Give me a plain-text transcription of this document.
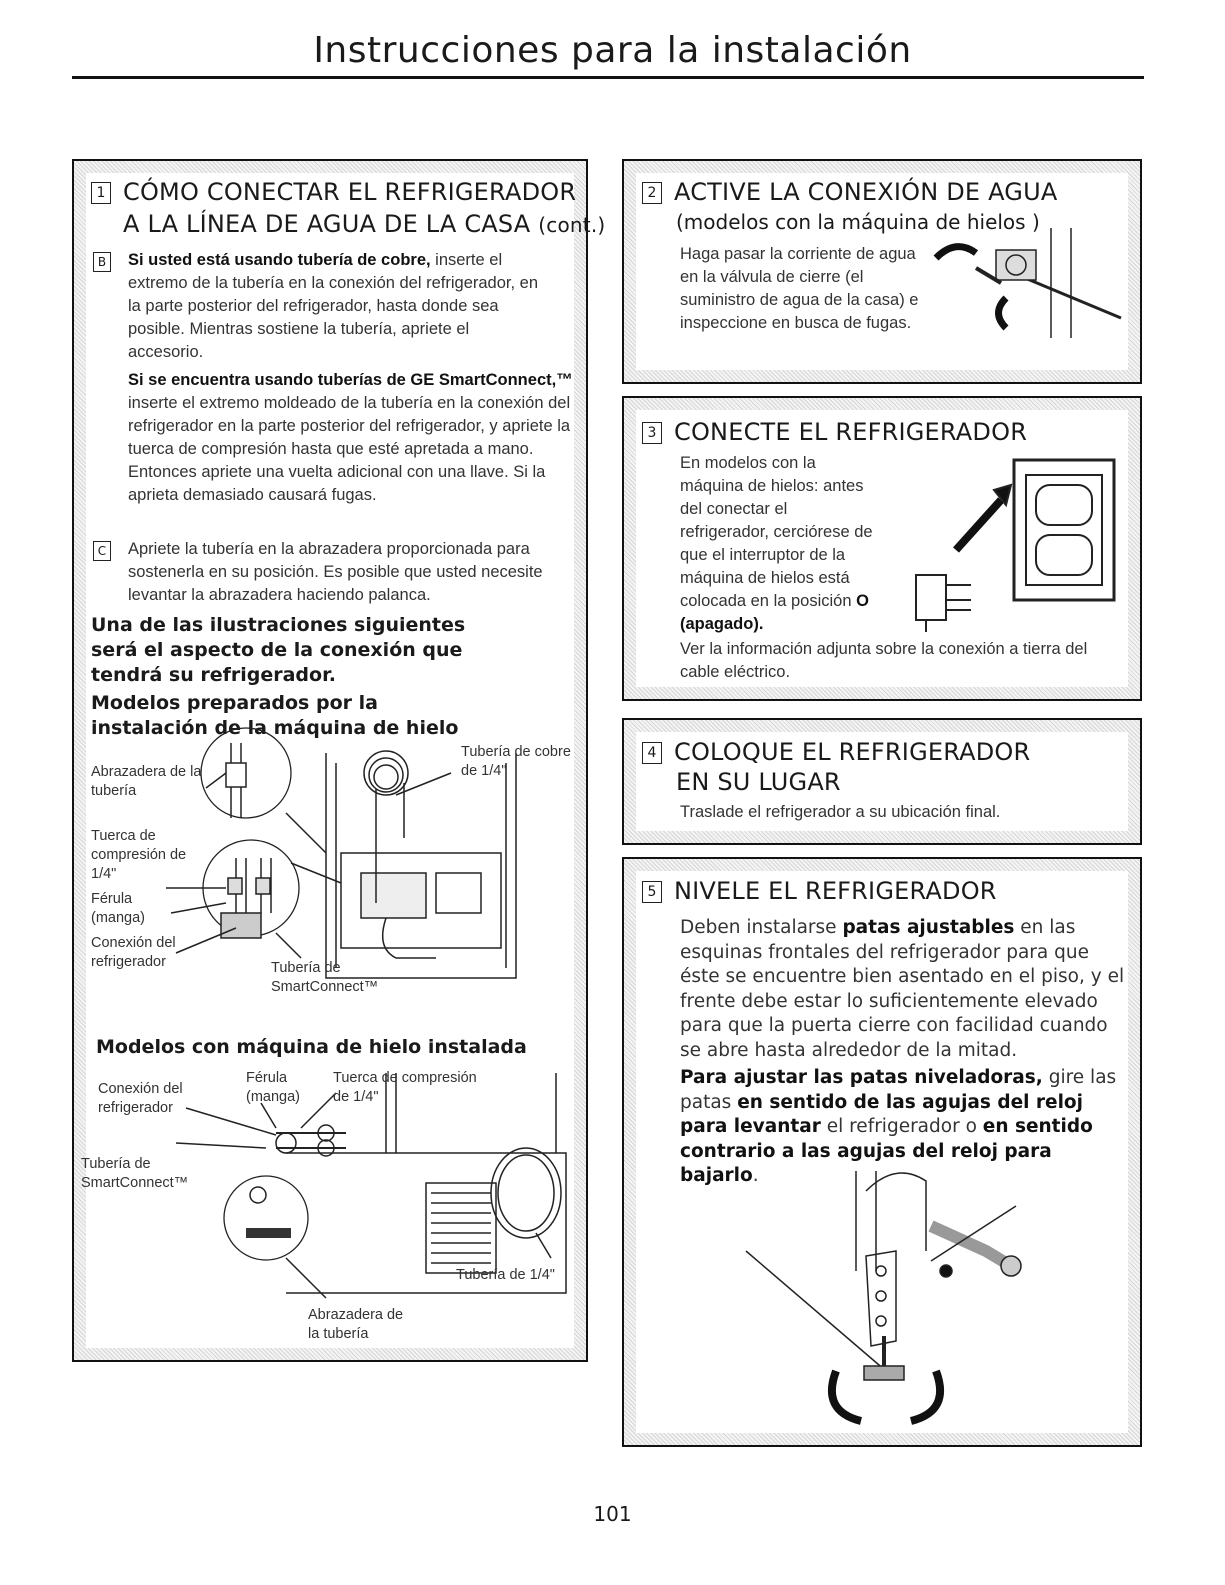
Instrucciones para la instalación
1 CÓMO CONECTAR EL REFRIGERADOR
A LA LÍNEA DE AGUA DE LA CASA (cont.)
B Si usted está usando tubería de cobre, inserte el extremo de la tubería en la conexión del refrigerador, en la parte posterior del refrigerador, hasta donde sea posible. Mientras sostiene la tubería, apriete el accesorio.
Si se encuentra usando tuberías de GE SmartConnect,™ inserte el extremo moldeado de la tubería en la conexión del refrigerador en la parte posterior del refrigerador, y apriete la tuerca de compresión hasta que esté apretada a mano. Entonces apriete una vuelta adicional con una llave. Si la aprieta demasiado causará fugas.
C Apriete la tubería en la abrazadera proporcionada para sostenerla en su posición. Es posible que usted necesite levantar la abrazadera haciendo palanca.
Una de las ilustraciones siguientes será el aspecto de la conexión que tendrá su refrigerador.
Modelos preparados por la instalación de la máquina de hielo
Abrazadera de la tubería
Tubería de cobre de 1/4"
Tuerca de compresión de 1/4"
Férula (manga)
Conexión del refrigerador	Tubería de SmartConnect™
Modelos con máquina de hielo instalada
Conexión del refrigerador
Férula (manga)
Tuerca de compresión de 1/4"
Tubería de SmartConnect™
Tubería de 1/4"
Abrazadera de la tubería
2 ACTIVE LA CONEXIÓN DE AGUA
(modelos con la máquina de hielos )
Haga pasar la corriente de agua en la válvula de cierre (el suministro de agua de la casa) e inspeccione en busca de fugas.
3 CONECTE EL REFRIGERADOR
En modelos con la máquina de hielos: antes del conectar el refrigerador, cerciórese de que el interruptor de la máquina de hielos está colocada en la posición O (apagado).
Ver la información adjunta sobre la conexión a tierra del cable eléctrico.
4 COLOQUE EL REFRIGERADOR
EN SU LUGAR
Traslade el refrigerador a su ubicación final.
5 NIVELE EL REFRIGERADOR
Deben instalarse patas ajustables en las esquinas frontales del refrigerador para que éste se encuentre bien asentado en el piso, y el frente debe estar lo suficientemente elevado para que la puerta cierre con facilidad cuando se abre hasta alrededor de la mitad.
Para ajustar las patas niveladoras, gire las patas en sentido de las agujas del reloj para levantar el refrigerador o en sentido contrario a las agujas del reloj para bajarlo.
101
